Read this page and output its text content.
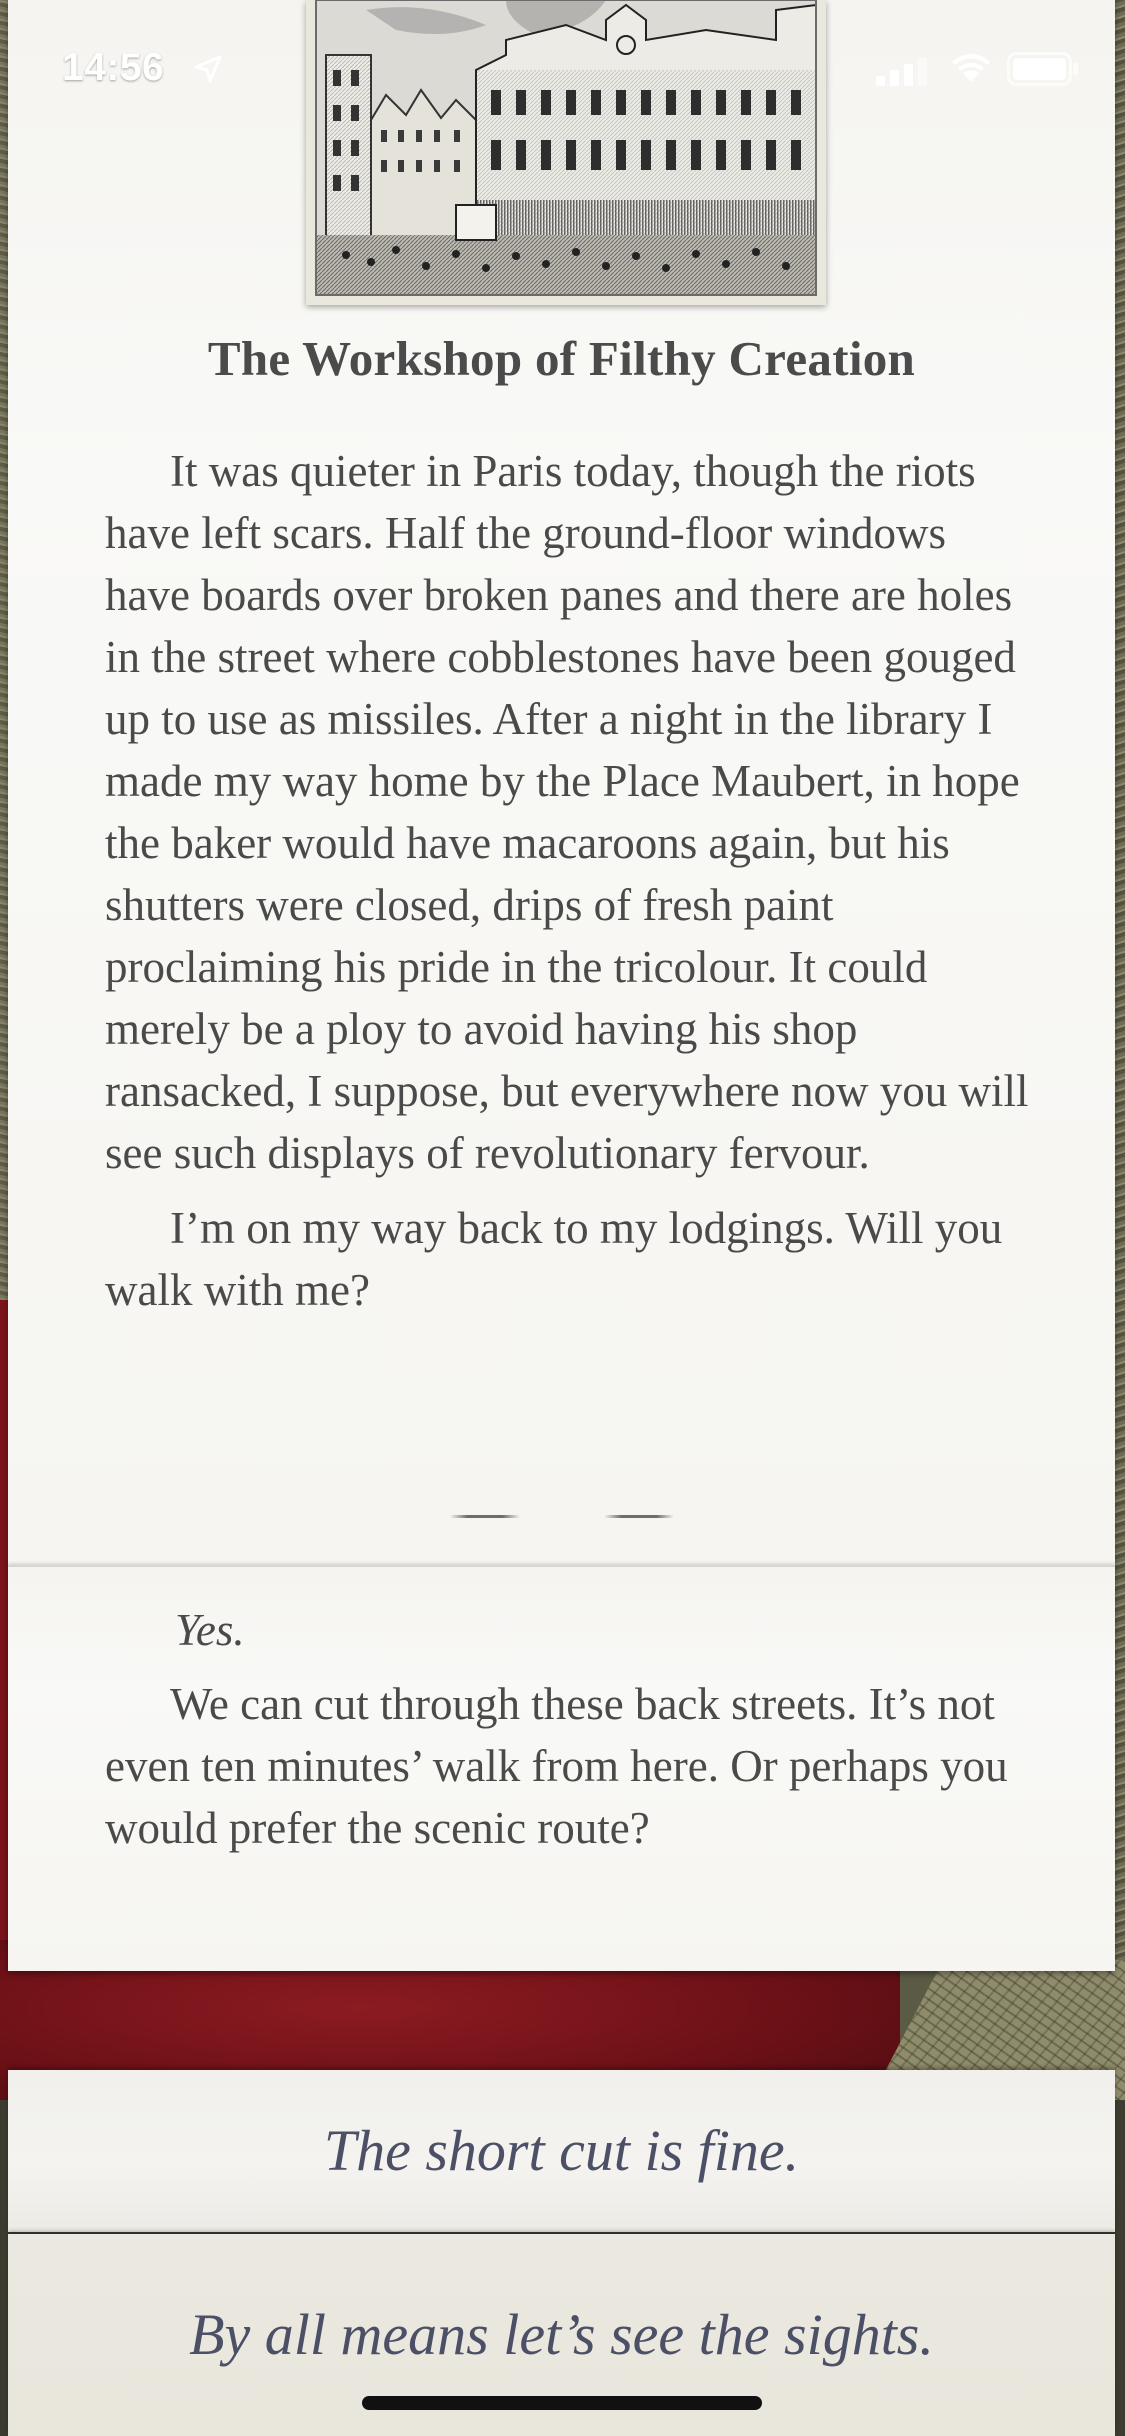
The Workshop of Filthy Creation

It was quieter in Paris today, though the riots have left scars. Half the ground-floor windows have boards over broken panes and there are holes in the street where cobblestones have been gouged up to use as missiles. After a night in the library I made my way home by the Place Maubert, in hope the baker would have macaroons again, but his shutters were closed, drips of fresh paint proclaiming his pride in the tricolour. It could merely be a ploy to avoid having his shop ransacked, I suppose, but everywhere now you will see such displays of revolutionary fervour.

I’m on my way back to my lodgings. Will you walk with me?

Yes.

We can cut through these back streets. It’s not even ten minutes’ walk from here. Or perhaps you would prefer the scenic route?

The short cut is fine.
By all means let’s see the sights.
14:56
